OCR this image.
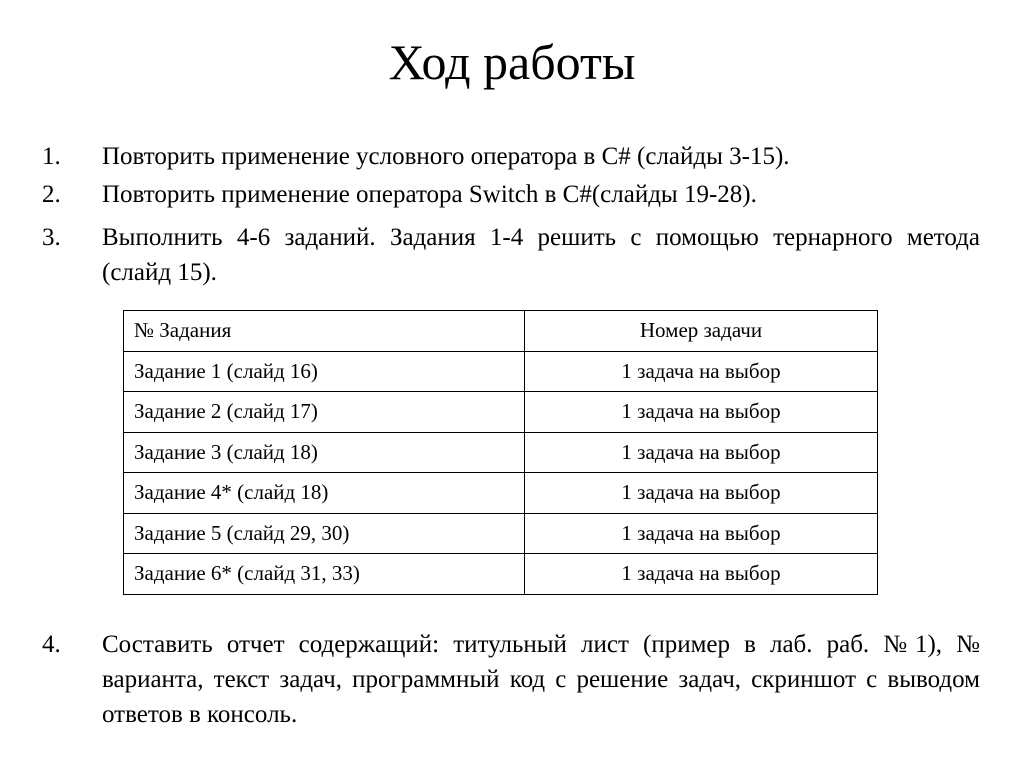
Ход работы
1. Повторить применение условного оператора в C# (слайды 3-15).
2. Повторить применение оператора Switch в C#(слайды 19-28).
3. Выполнить 4-6 заданий. Задания 1-4 решить с помощью тернарного метода (слайд 15).
№ Задания	Номер задачи
Задание 1 (слайд 16)	1 задача на выбор
Задание 2 (слайд 17)	1 задача на выбор
Задание 3 (слайд 18)	1 задача на выбор
Задание 4* (слайд 18)	1 задача на выбор
Задание 5 (слайд 29, 30)	1 задача на выбор
Задание 6* (слайд 31, 33)	1 задача на выбор
4. Составить отчет содержащий: титульный лист (пример в лаб. раб. №1), № варианта, текст задач, программный код с решение задач, скриншот с выводом ответов в консоль.
